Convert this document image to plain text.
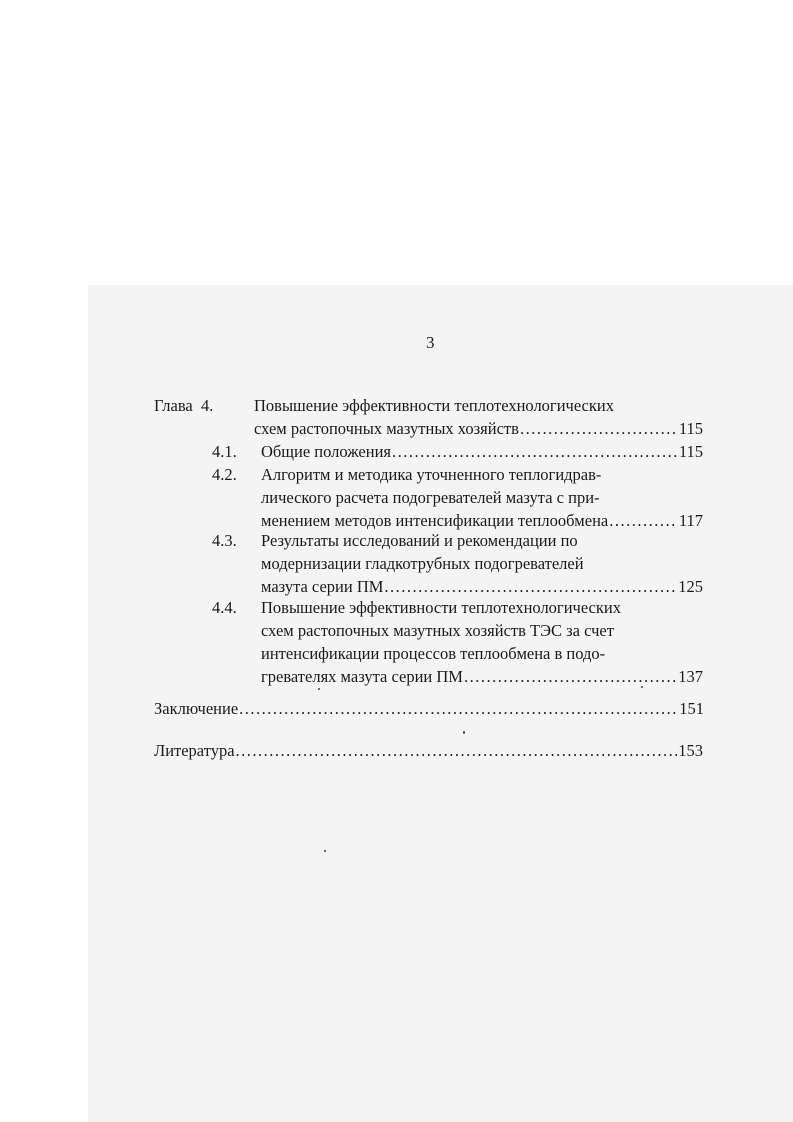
3
Глава 4. Повышение эффективности теплотехнологических
схем растопочных мазутных хозяйств .....	115
4.1. Общие положения .....	115
4.2. Алгоритм и методика уточненного теплогидрав-
лического расчета подогревателей мазута с при-
менением методов интенсификации теплообмена .....	117
4.3. Результаты исследований и рекомендации по
модернизации гладкотрубных подогревателей
мазута серии ПМ .....	125
4.4. Повышение эффективности теплотехнологических
схем растопочных мазутных хозяйств ТЭС за счет
интенсификации процессов теплообмена в подо-
гревателях мазута серии ПМ .....	137
Заключение .....	151
Литература .....	153
